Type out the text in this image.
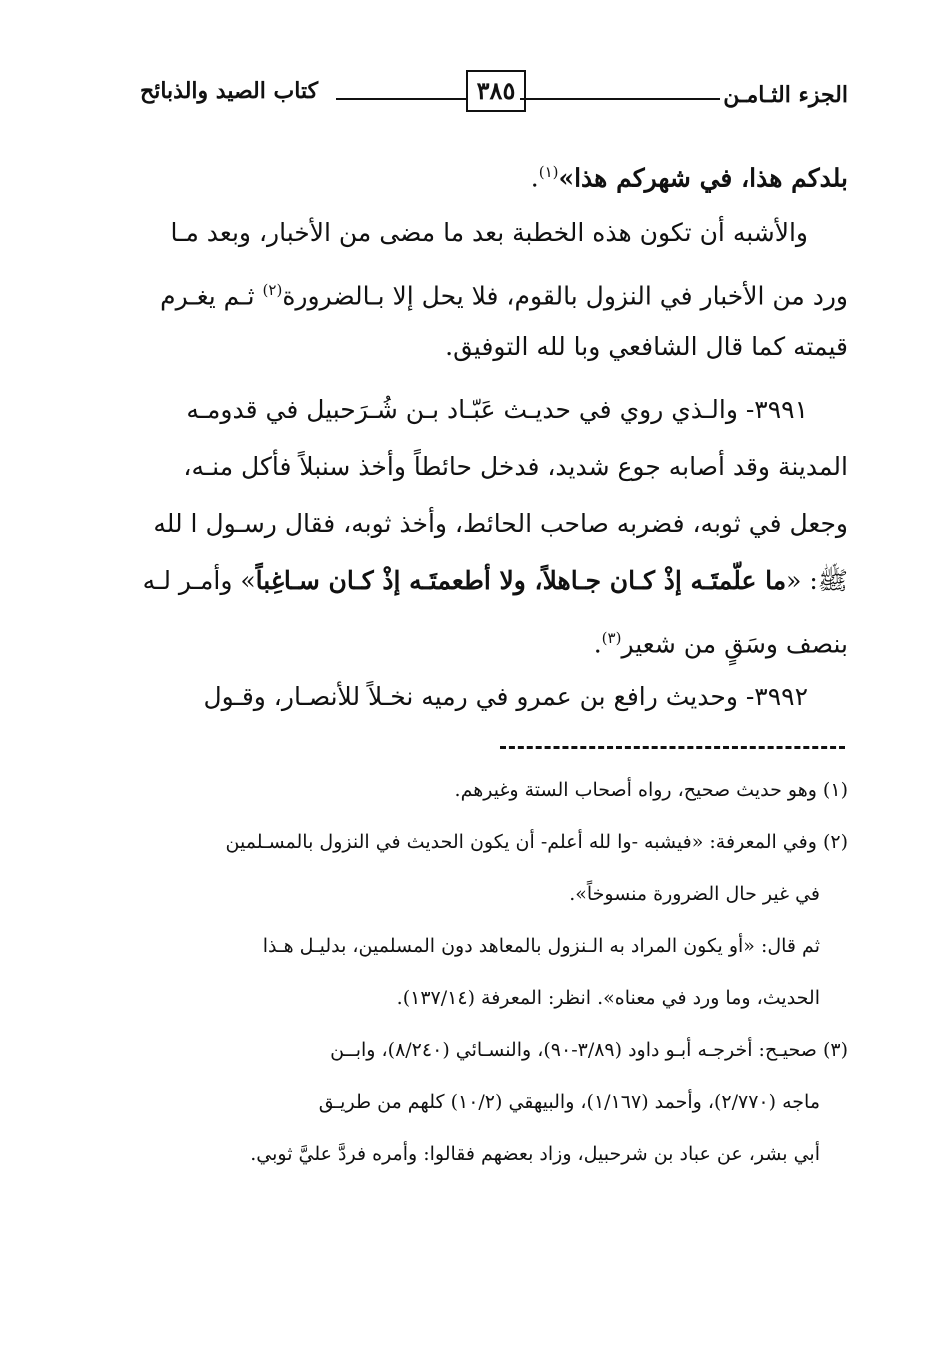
الجزء الثـامـن
٣٨٥
كتاب الصيد والذبائح
بلدكم هذا، في شهركم هذا»$^{(١)}$.
والأشبه أن تكون هذه الخطبة بعد ما مضى من الأخبار، وبعد مـا
ورد من الأخبار في النزول بالقوم، فلا يحل إلا بـالضرورة$^{(٢)}$ ثـم يغـرم
قيمته كما قال الشافعي وبا لله التوفيق.
٣٩٩١- والـذي روي في حديـث عَبّـاد بـن شُـرَحبيل في قدومـه
المدينة وقد أصابه جوع شديد، فدخل حائطاً وأخذ سنبلاً فأكل منـه،
وجعل في ثوبه، فضربه صاحب الحائط، وأخذ ثوبه، فقال رسـول ا لله
ﷺ: «ما علّمتَـه إذْ كـان جـاهلاً، ولا أطعمتَـه إذْ كـان سـاغِباً» وأمـر لـه
بنصف وسَقٍ من شعير$^{(٣)}$.
٣٩٩٢- وحديث رافع بن عمرو في رميه نخـلاً للأنصـار، وقـول
(١) وهو حديث صحيح، رواه أصحاب الستة وغيرهم.
(٢) وفي المعرفة: «فيشبه -وا لله أعلم- أن يكون الحديث في النزول بالمسـلمين
في غير حال الضرورة منسوخاً».
ثم قال: «أو يكون المراد به الـنزول بالمعاهد دون المسلمين، بدليـل هـذا
الحديث، وما ورد في معناه». انظر: المعرفة (١٣٧/١٤).
(٣) صحيـح: أخرجـه أبـو داود (٣/٨٩-٩٠)، والنسـائي (٨/٢٤٠)، وابــن
ماجه (٢/٧٧٠)، وأحمد (١/١٦٧)، والبيهقي (١٠/٢) كلهم من طريـق
أبي بشر، عن عباد بن شرحبيل، وزاد بعضهم فقالوا: وأمره فردَّ عليَّ ثوبي.
